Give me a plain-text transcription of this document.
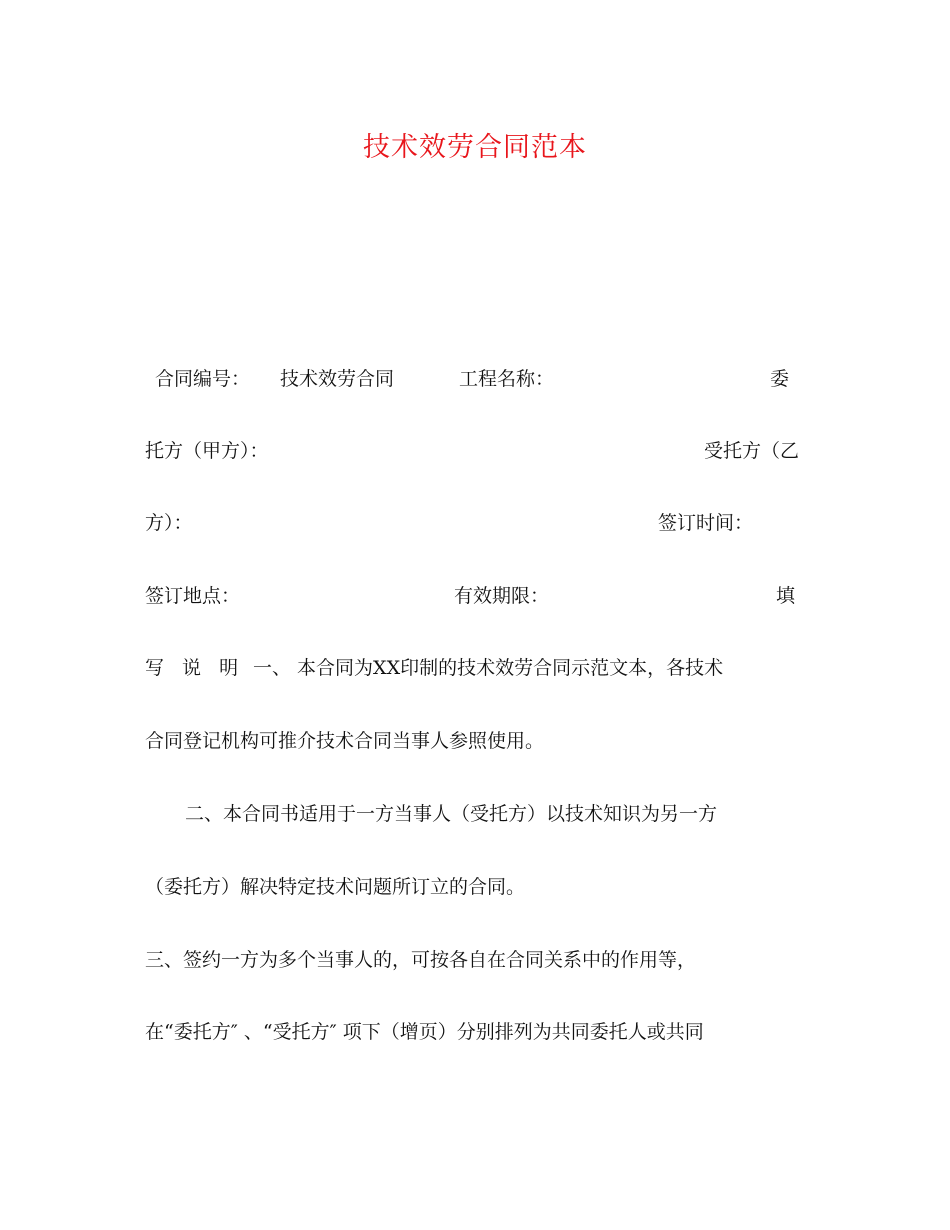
技术效劳合同范本
合同编号： 技术效劳合同	工程名称：	委
托方（甲方）：	受托方（乙
方）：	签订时间：
签订地点：	有效期限：	填
写 说 明 一、 本合同为XX印制的技术效劳合同示范文本，各技术
合同登记机构可推介技术合同当事人参照使用。
二、本合同书适用于一方当事人（受托方）以技术知识为另一方
（委托方）解决特定技术问题所订立的合同。
三、签约一方为多个当事人的，可按各自在合同关系中的作用等，
在“委托方″ 、“受托方″ 项下（增页）分别排列为共同委托人或共同
